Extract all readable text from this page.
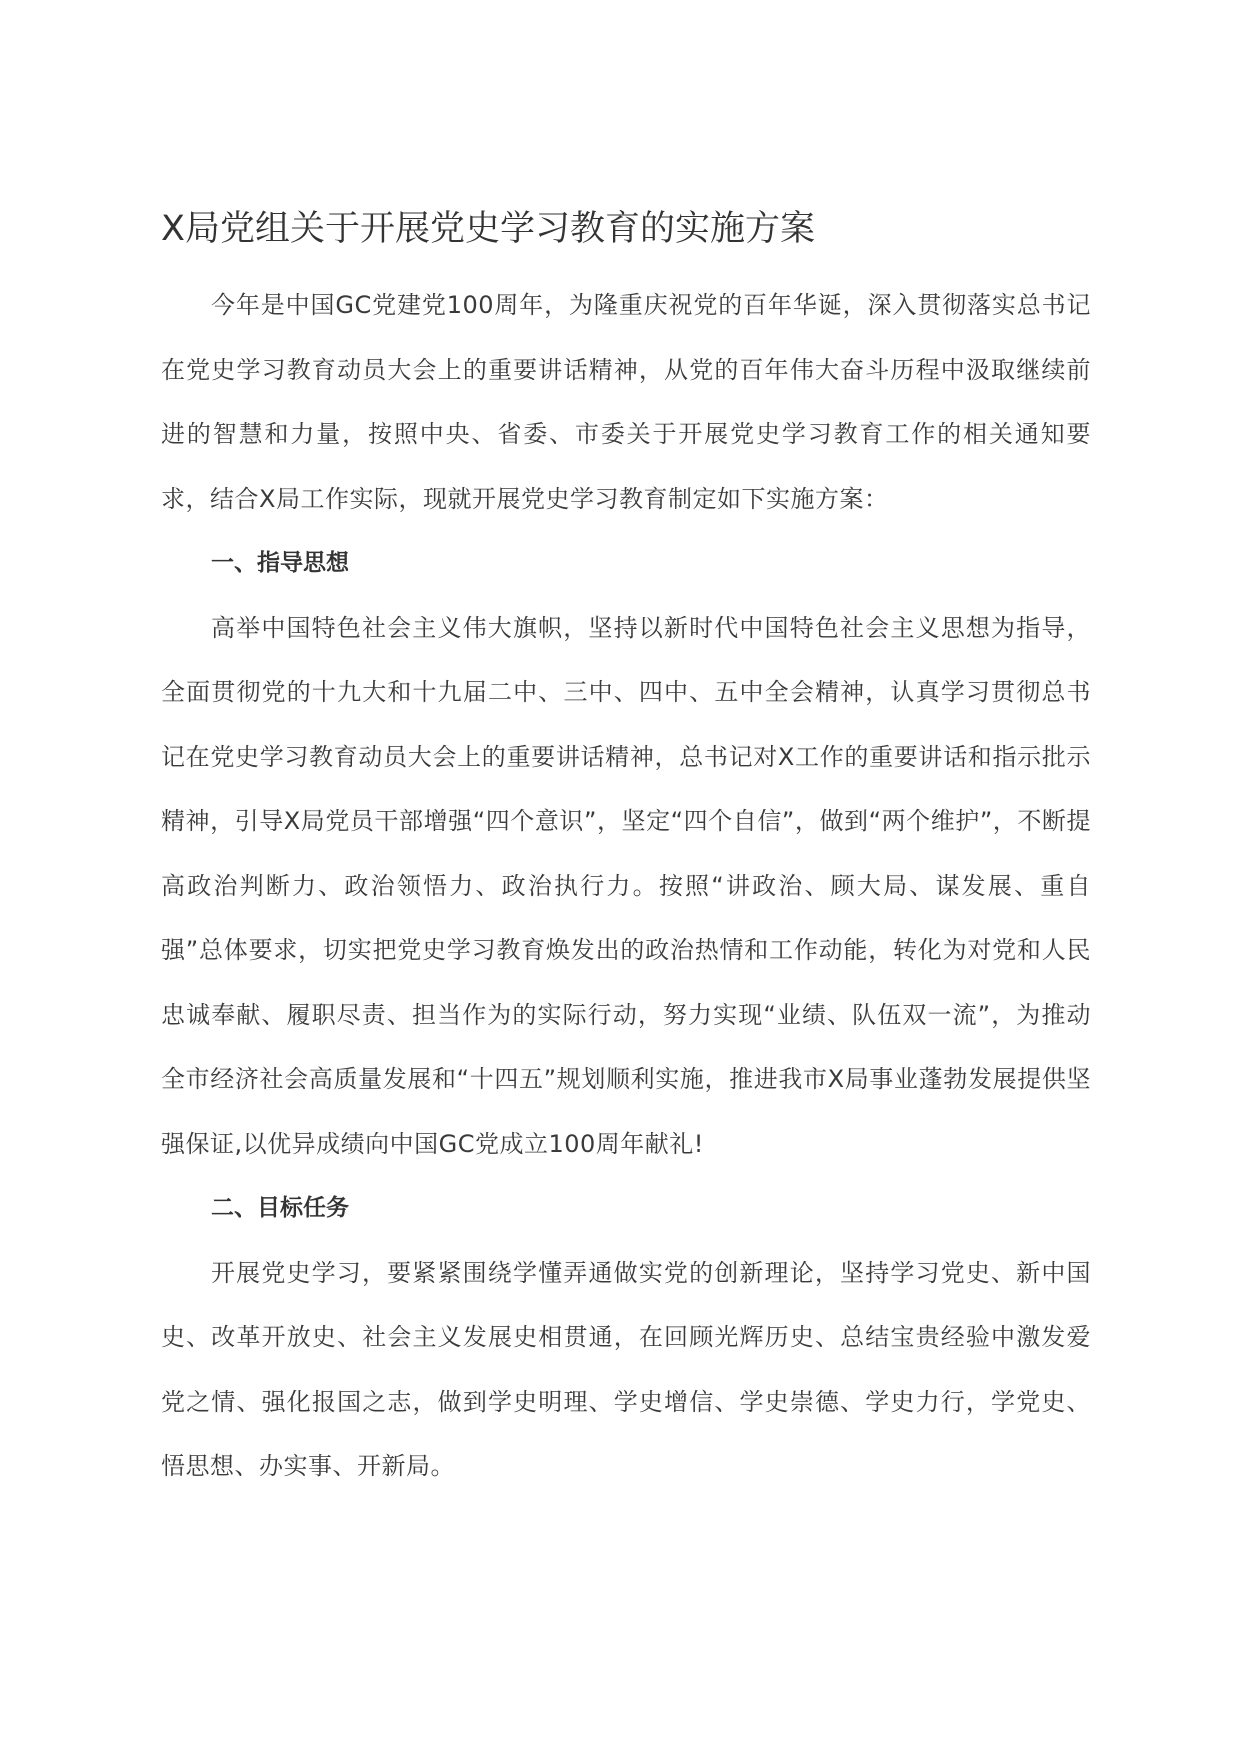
X局党组关于开展党史学习教育的实施方案

今年是中国GC党建党100周年，为隆重庆祝党的百年华诞，深入贯彻落实总书记在党史学习教育动员大会上的重要讲话精神，从党的百年伟大奋斗历程中汲取继续前进的智慧和力量，按照中央、省委、市委关于开展党史学习教育工作的相关通知要求，结合X局工作实际，现就开展党史学习教育制定如下实施方案：

一、指导思想

高举中国特色社会主义伟大旗帜，坚持以新时代中国特色社会主义思想为指导，全面贯彻党的十九大和十九届二中、三中、四中、五中全会精神，认真学习贯彻总书记在党史学习教育动员大会上的重要讲话精神，总书记对X工作的重要讲话和指示批示精神，引导X局党员干部增强“四个意识”，坚定“四个自信”，做到“两个维护”，不断提高政治判断力、政治领悟力、政治执行力。按照“讲政治、顾大局、谋发展、重自强”总体要求，切实把党史学习教育焕发出的政治热情和工作动能，转化为对党和人民忠诚奉献、履职尽责、担当作为的实际行动，努力实现“业绩、队伍双一流”，为推动全市经济社会高质量发展和“十四五”规划顺利实施，推进我市X局事业蓬勃发展提供坚强保证,以优异成绩向中国GC党成立100周年献礼!

二、目标任务

开展党史学习，要紧紧围绕学懂弄通做实党的创新理论，坚持学习党史、新中国史、改革开放史、社会主义发展史相贯通，在回顾光辉历史、总结宝贵经验中激发爱党之情、强化报国之志，做到学史明理、学史增信、学史崇德、学史力行，学党史、悟思想、办实事、开新局。
